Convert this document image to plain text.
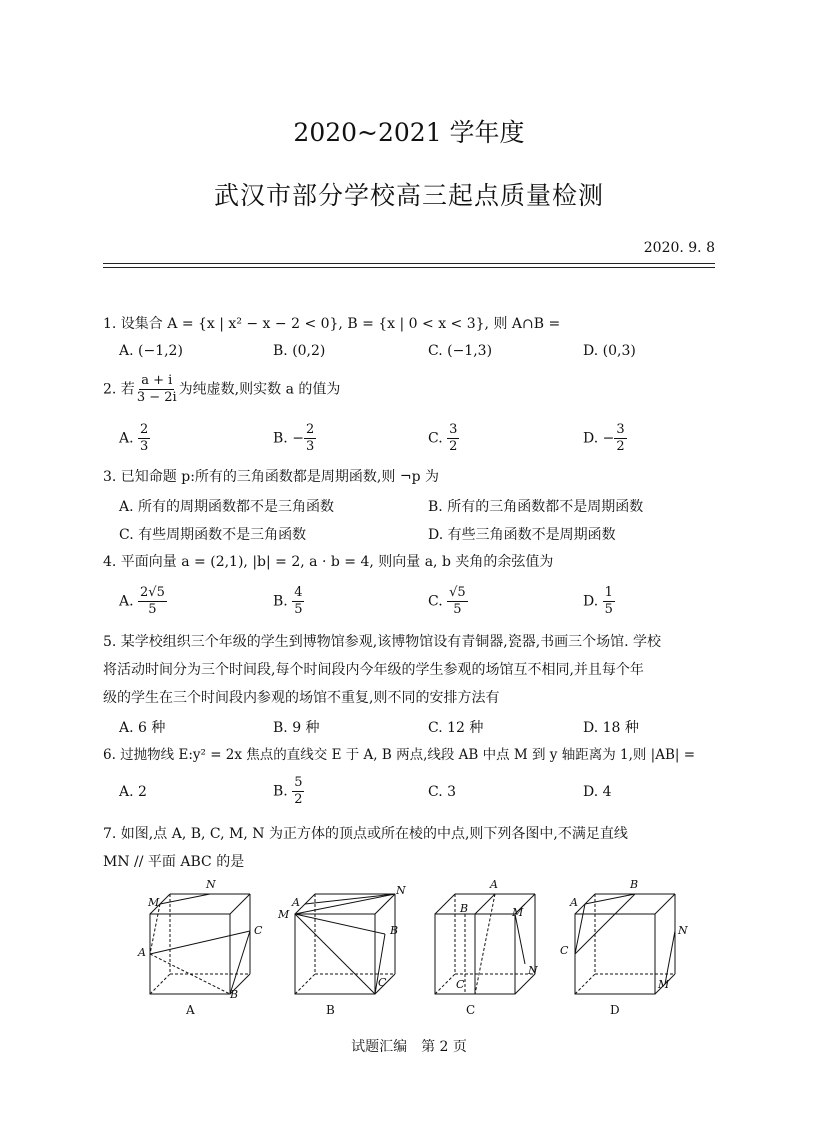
2020~2021 学年度
武汉市部分学校高三起点质量检测
2020. 9. 8
1. 设集合 A = {x | x² − x − 2 < 0}, B = {x | 0 < x < 3}, 则 A∩B =
A. (−1,2)	B. (0,2)	C. (−1,3)	D. (0,3)
2. 若 $\frac{a + i}{3 - 2i}$ 为纯虚数,则实数 a 的值为
A. $\frac{2}{3}$	B. − $\frac{2}{3}$	C. $\frac{3}{2}$	D. − $\frac{3}{2}$
3. 已知命题 p:所有的三角函数都是周期函数,则 ¬p 为
A. 所有的周期函数都不是三角函数	B. 所有的三角函数都不是周期函数
C. 有些周期函数不是三角函数	D. 有些三角函数不是周期函数
4. 平面向量 a = (2,1), |b| = 2, a · b = 4, 则向量 a, b 夹角的余弦值为
A. $\frac{2√5}{5}$	B. $\frac{4}{5}$	C. $\frac{√5}{5}$	D. $\frac{1}{5}$
5. 某学校组织三个年级的学生到博物馆参观,该博物馆设有青铜器,瓷器,书画三个场馆. 学校
将活动时间分为三个时间段,每个时间段内今年级的学生参观的场馆互不相同,并且每个年
级的学生在三个时间段内参观的场馆不重复,则不同的安排方法有
A. 6 种	B. 9 种	C. 12 种	D. 18 种
6. 过抛物线 E:y² = 2x 焦点的直线交 E 于 A, B 两点,线段 AB 中点 M 到 y 轴距离为 1,则 |AB| =
A. 2	B. $\frac{5}{2}$	C. 3	D. 4
7. 如图,点 A, B, C, M, N 为正方体的顶点或所在棱的中点,则下列各图中,不满足直线
MN // 平面 ABC 的是
M
N
A
C
B
A
A
M
N
B
C
B
A
B	M
N
C
C
A
B
C
N
M
D
试题汇编　第 2 页
